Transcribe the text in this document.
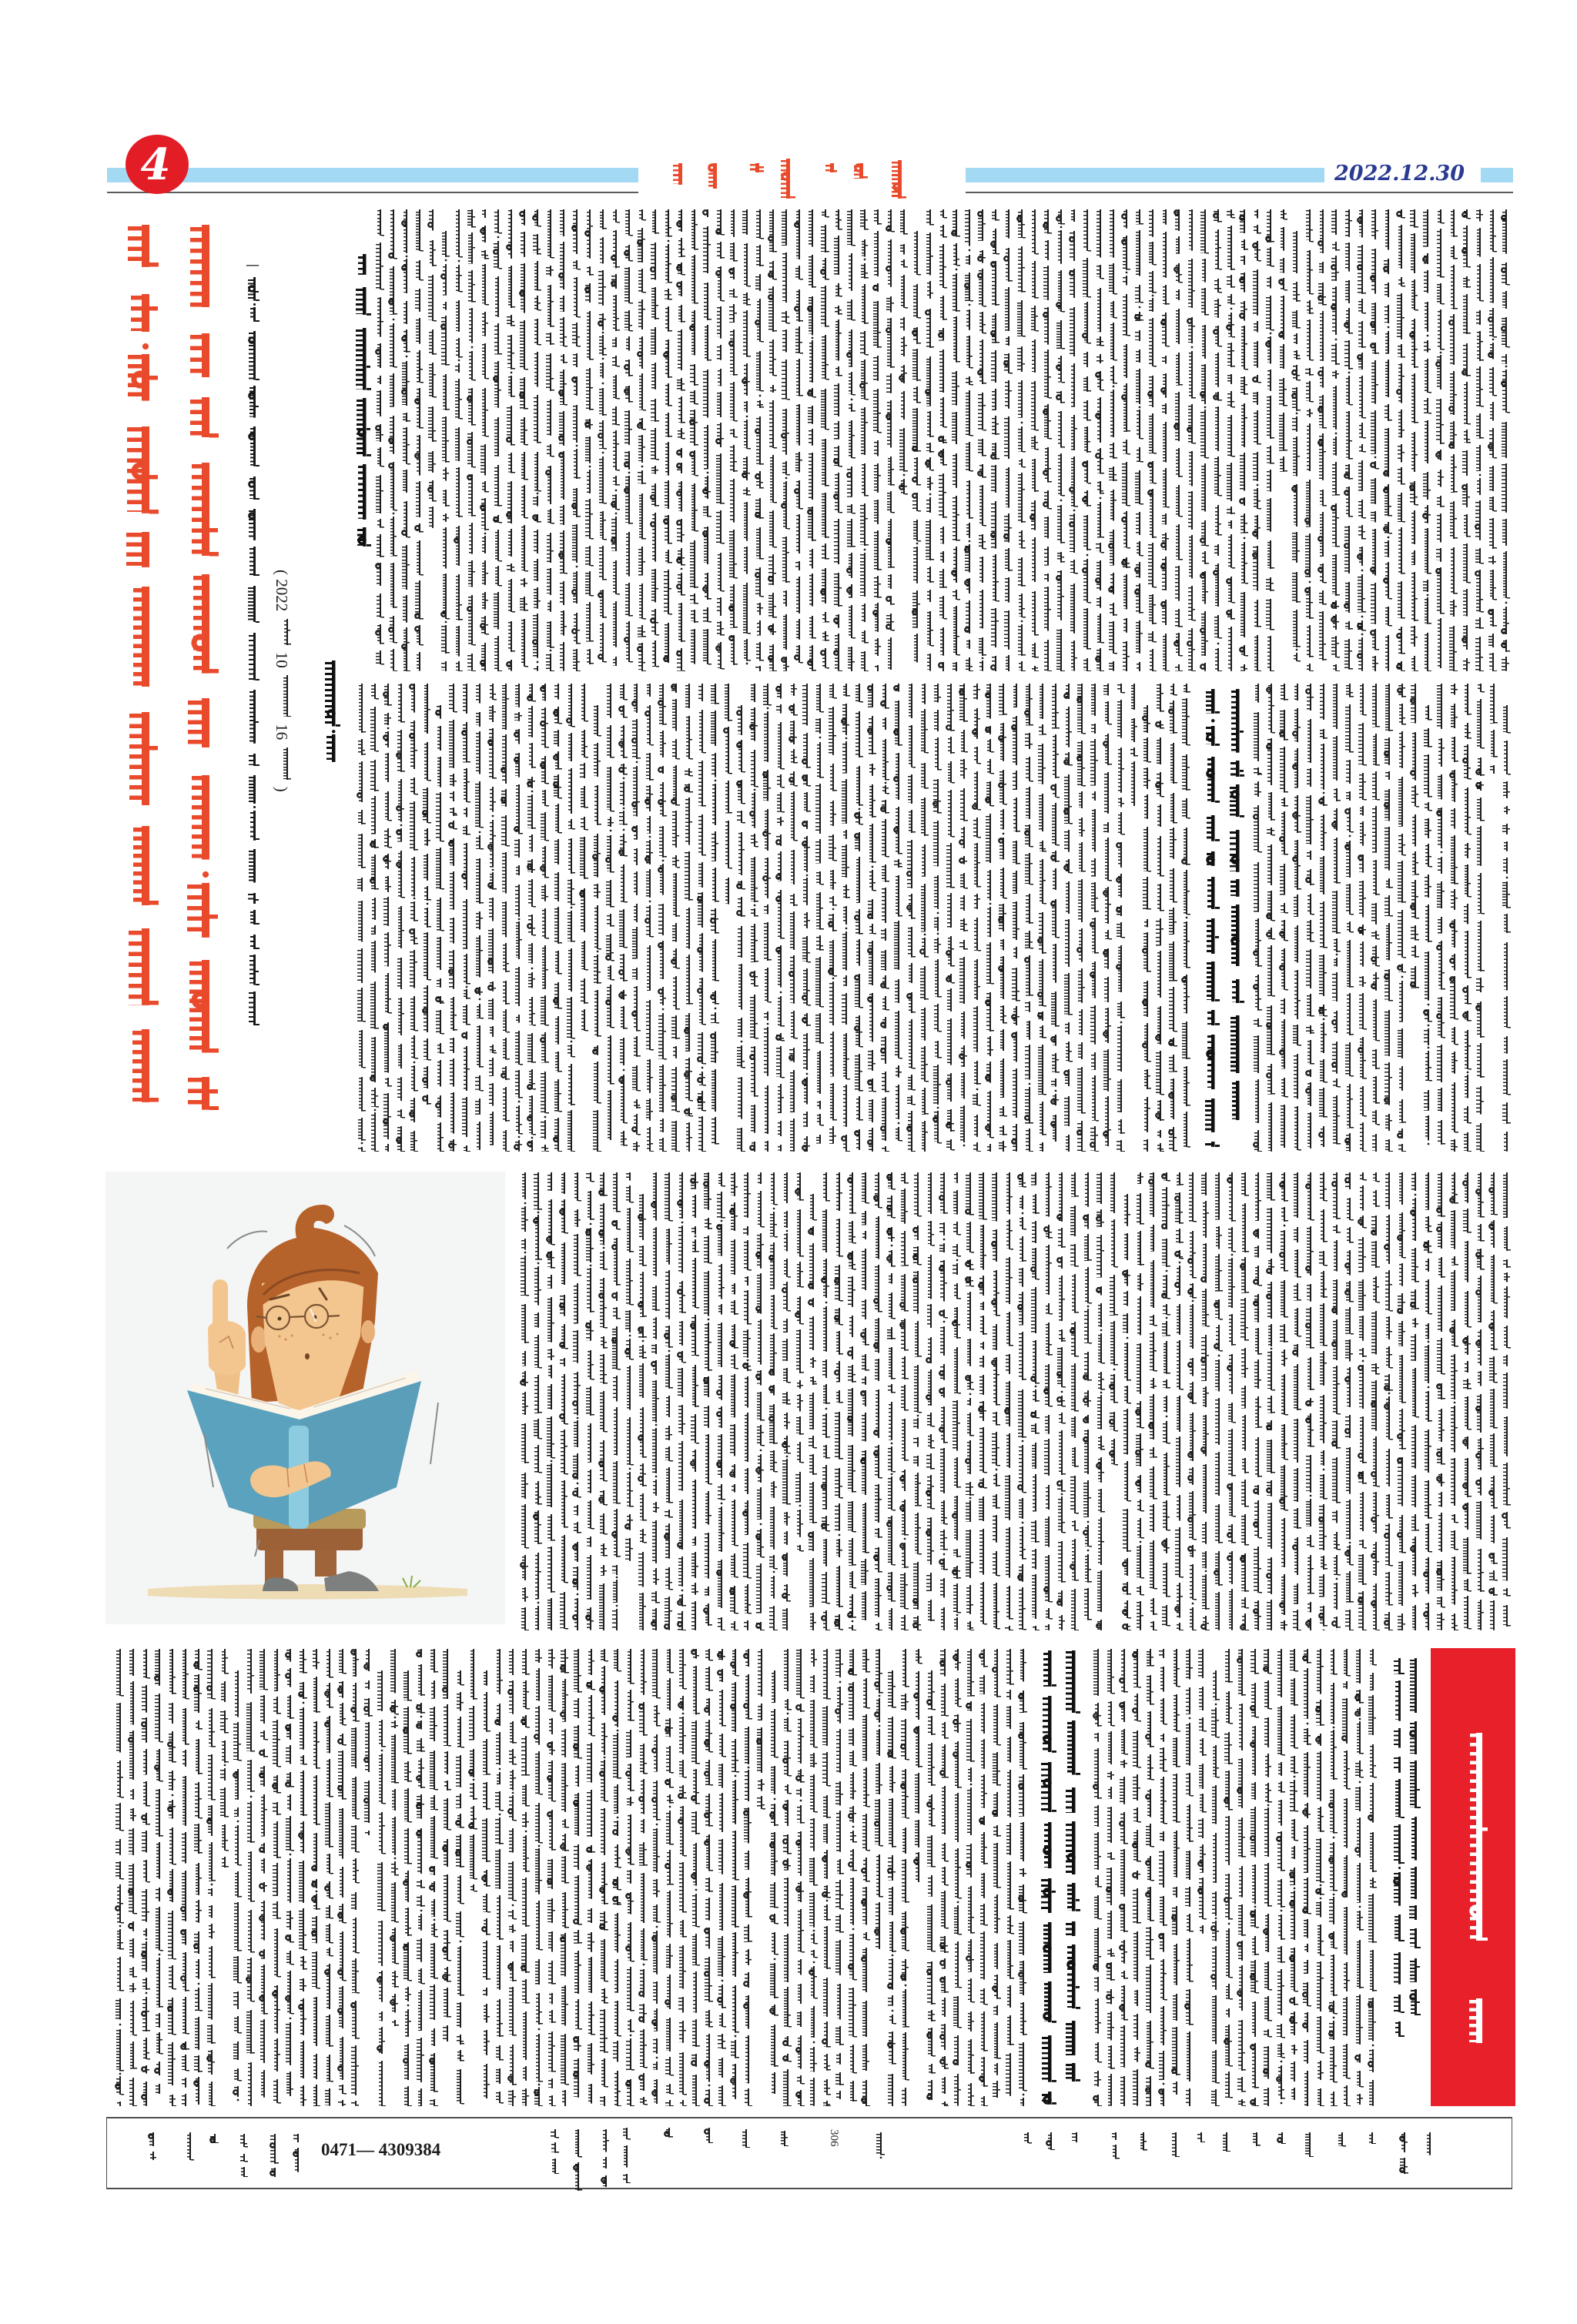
4	2022.12.30
—
( 2022  10  16  )
0471— 4309384
306
